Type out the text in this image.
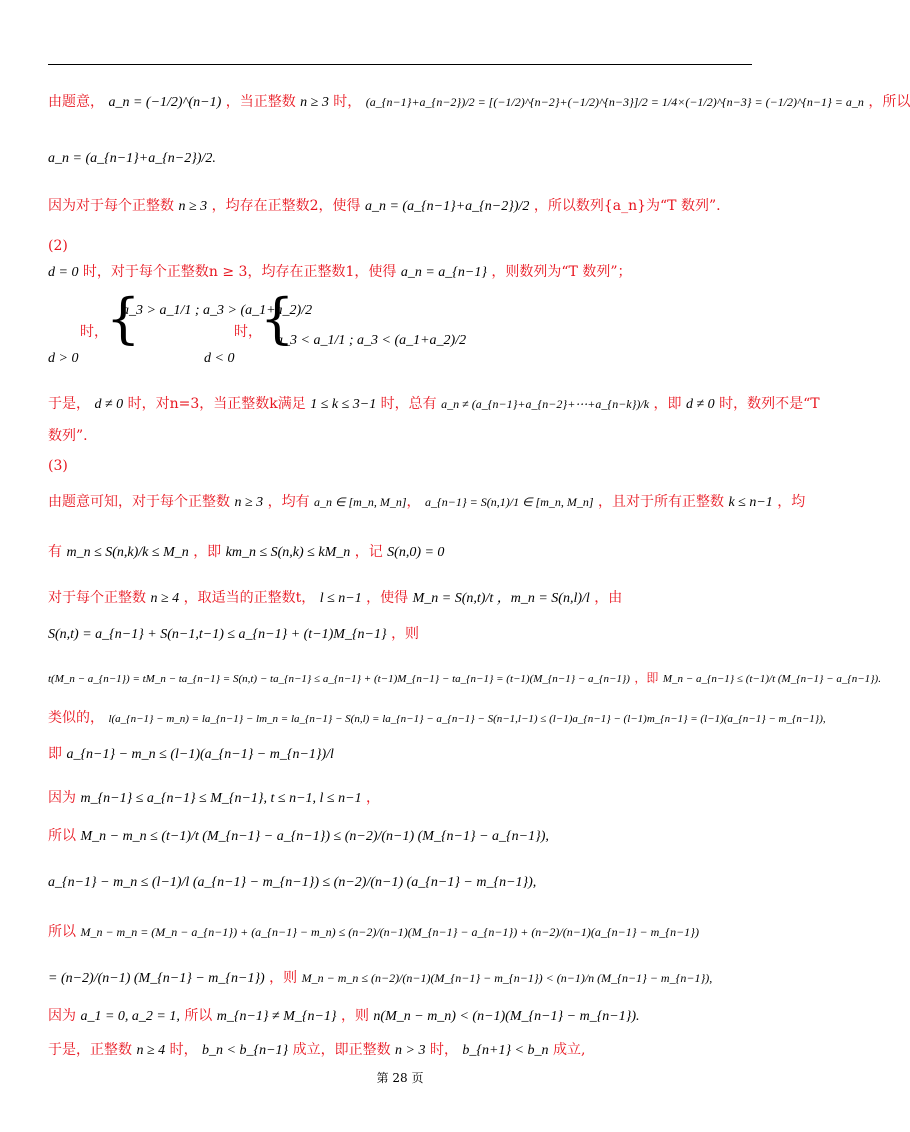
由题意， a_n = (−1/2)^(n−1) ，当正整数 n ≥ 3 时， (a_{n−1}+a_{n−2})/2 = [(−1/2)^{n−2}+(−1/2)^{n−3}]/2 = 1/4×(−1/2)^{n−3} = (−1/2)^{n−1} = a_n ，所以
a_n = (a_{n−1}+a_{n−2})/2.
因为对于每个正整数 n ≥ 3 ，均存在正整数2，使得 a_n = (a_{n−1}+a_{n−2})/2 ，所以数列{a_n}为“T 数列”.
(2)
d = 0 时，对于每个正整数n ≥ 3，均存在正整数1，使得 a_n = a_{n−1} ，则数列为“T 数列”；
{
a_3 > a_1/1 ; a_3 > (a_1+a_2)/2
时，
d > 0
{
a_3 < a_1/1 ; a_3 < (a_1+a_2)/2
时，
d < 0
于是， d ≠ 0 时，对n=3，当正整数k满足 1 ≤ k ≤ 3−1 时，总有 a_n ≠ (a_{n−1}+a_{n−2}+⋯+a_{n−k})/k ，即 d ≠ 0 时，数列不是“T
数列”.
(3)
由题意可知，对于每个正整数 n ≥ 3 ，均有 a_n ∈ [m_n, M_n]， a_{n−1} = S(n,1)/1 ∈ [m_n, M_n] ，且对于所有正整数 k ≤ n−1 ，均
有 m_n ≤ S(n,k)/k ≤ M_n ，即 km_n ≤ S(n,k) ≤ kM_n ，记 S(n,0) = 0
对于每个正整数 n ≥ 4 ，取适当的正整数t， l ≤ n−1 ，使得 M_n = S(n,t)/t ，m_n = S(n,l)/l ，由
S(n,t) = a_{n−1} + S(n−1,t−1) ≤ a_{n−1} + (t−1)M_{n−1} ，则
t(M_n − a_{n−1}) = tM_n − ta_{n−1} = S(n,t) − ta_{n−1} ≤ a_{n−1} + (t−1)M_{n−1} − ta_{n−1} = (t−1)(M_{n−1} − a_{n−1}) ，即 M_n − a_{n−1} ≤ (t−1)/t (M_{n−1} − a_{n−1}).
类似的， l(a_{n−1} − m_n) = la_{n−1} − lm_n = la_{n−1} − S(n,l) = la_{n−1} − a_{n−1} − S(n−1,l−1) ≤ (l−1)a_{n−1} − (l−1)m_{n−1} = (l−1)(a_{n−1} − m_{n−1}),
即 a_{n−1} − m_n ≤ (l−1)(a_{n−1} − m_{n−1})/l
因为 m_{n−1} ≤ a_{n−1} ≤ M_{n−1}, t ≤ n−1, l ≤ n−1 ，
所以 M_n − m_n ≤ (t−1)/t (M_{n−1} − a_{n−1}) ≤ (n−2)/(n−1) (M_{n−1} − a_{n−1}),
a_{n−1} − m_n ≤ (l−1)/l (a_{n−1} − m_{n−1}) ≤ (n−2)/(n−1) (a_{n−1} − m_{n−1}),
所以 M_n − m_n = (M_n − a_{n−1}) + (a_{n−1} − m_n) ≤ (n−2)/(n−1)(M_{n−1} − a_{n−1}) + (n−2)/(n−1)(a_{n−1} − m_{n−1})
= (n−2)/(n−1) (M_{n−1} − m_{n−1}) ，则 M_n − m_n ≤ (n−2)/(n−1)(M_{n−1} − m_{n−1}) < (n−1)/n (M_{n−1} − m_{n−1}),
因为 a_1 = 0, a_2 = 1, 所以 m_{n−1} ≠ M_{n−1} ，则 n(M_n − m_n) < (n−1)(M_{n−1} − m_{n−1}).
于是，正整数 n ≥ 4 时， b_n < b_{n−1} 成立，即正整数 n > 3 时， b_{n+1} < b_n 成立,
第 28 页
